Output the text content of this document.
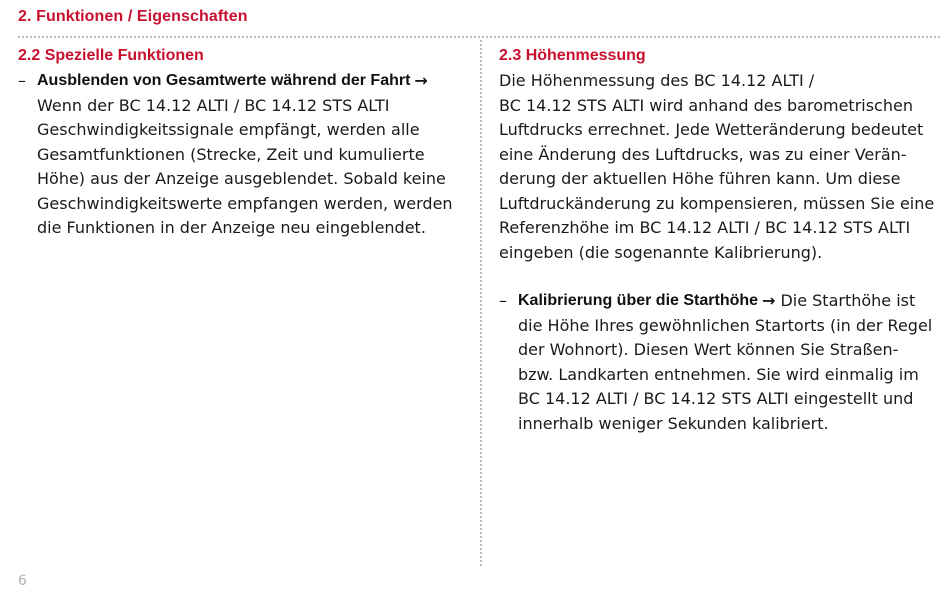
2. Funktionen / Eigenschaften
2.2 Spezielle Funktionen
– Ausblenden von Gesamtwerte während der Fahrt →
Wenn der BC 14.12 ALTI / BC 14.12 STS ALTI
Geschwindigkeitssignale empfängt, werden alle
Gesamtfunktionen (Strecke, Zeit und kumulierte
Höhe) aus der Anzeige ausgeblendet. Sobald keine
Geschwindigkeitswerte empfangen werden, werden
die Funktionen in der Anzeige neu eingeblendet.
2.3 Höhenmessung
Die Höhenmessung des BC 14.12 ALTI /
BC 14.12 STS ALTI wird anhand des barometrischen
Luftdrucks errechnet. Jede Wetteränderung bedeutet
eine Änderung des Luftdrucks, was zu einer Verän-
derung der aktuellen Höhe führen kann. Um diese
Luftdruckänderung zu kompensieren, müssen Sie eine
Referenzhöhe im BC 14.12 ALTI / BC 14.12 STS ALTI
eingeben (die sogenannte Kalibrierung).
– Kalibrierung über die Starthöhe → Die Starthöhe ist
die Höhe Ihres gewöhnlichen Startorts (in der Regel
der Wohnort). Diesen Wert können Sie Straßen-
bzw. Landkarten entnehmen. Sie wird einmalig im
BC 14.12 ALTI / BC 14.12 STS ALTI eingestellt und
innerhalb weniger Sekunden kalibriert.
6
